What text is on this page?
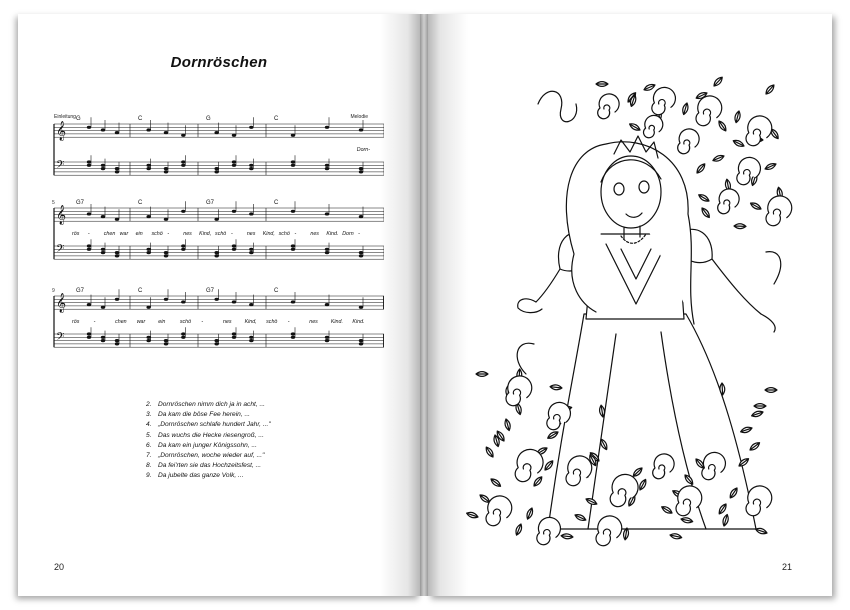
Dornröschen
𝄞
𝄢
Einleitung	Melodie
G	C	G	C
Dorn-
𝄞
𝄢
5	G7	C	G7	C
rös -	chen war ein schö -	nes Kind, schö -	nes Kind, schö -	nes Kind. Dorn -
𝄞
𝄢
9	G7	C	G7	C
rös	-	chen war ein	schö -	nes Kind, schö -	nes Kind. Kind.
2. Dornröschen nimm dich ja in acht, ...
3. Da kam die böse Fee herein, ...
4. „Dornröschen schlafe hundert Jahr, ..."
5. Das wuchs die Hecke riesengroß, ...
6. Da kam ein junger Königssohn, ...
7. „Dornröschen, woche wieder auf, ..."
8. Da fei'rten sie das Hochzeitsfest, ...
9. Da jubelte das ganze Volk, ...
20	21
